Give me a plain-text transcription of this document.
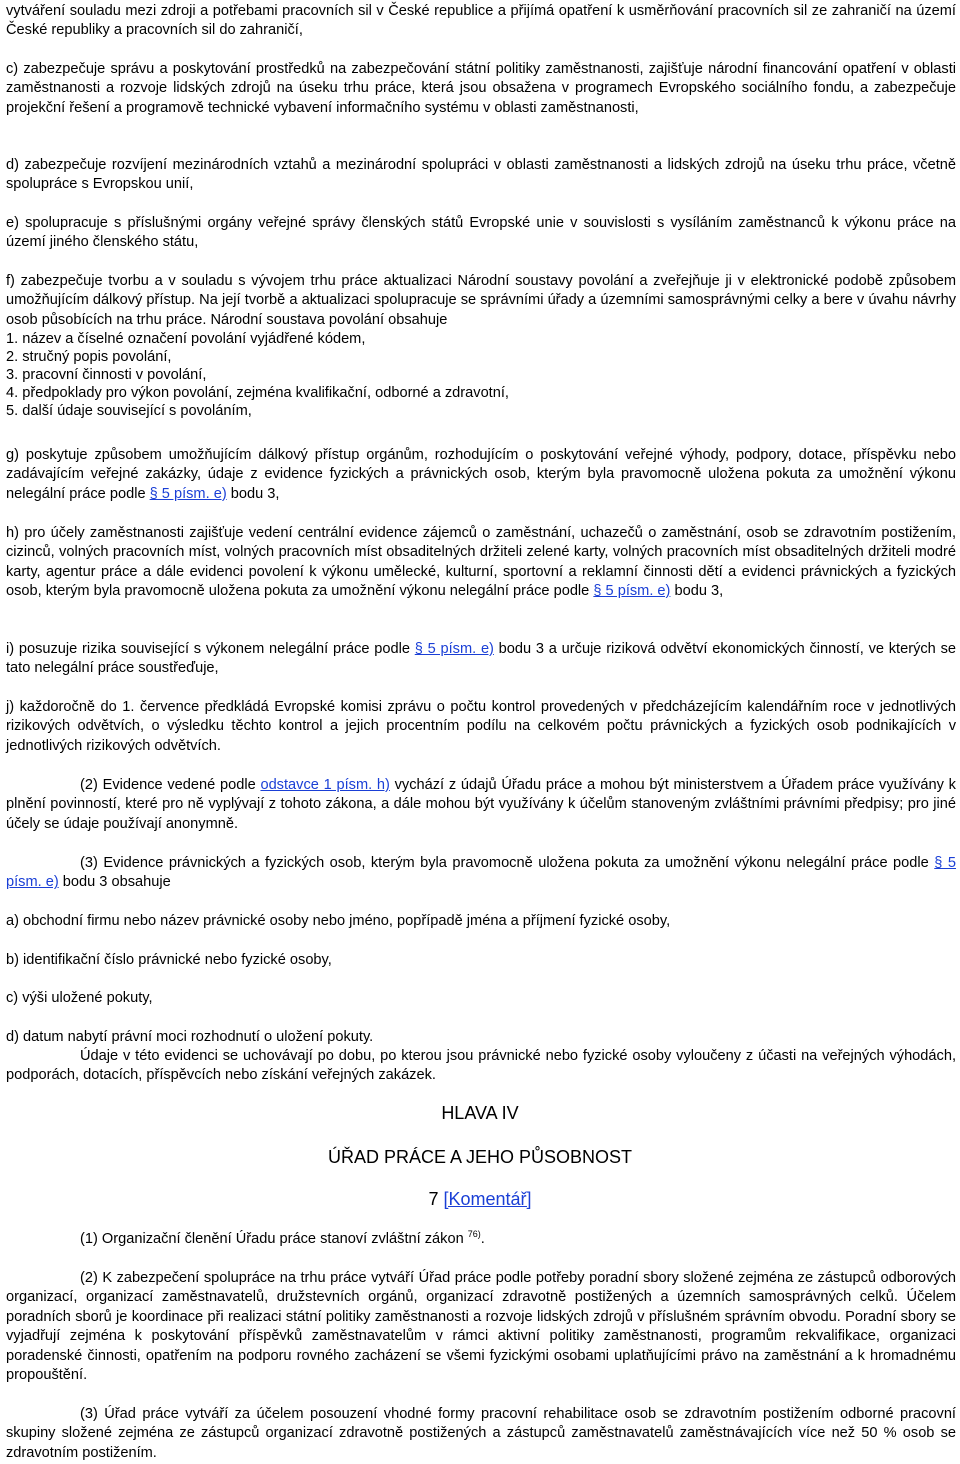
vytváření souladu mezi zdroji a potřebami pracovních sil v České republice a přijímá opatření k usměrňování pracovních sil ze zahraničí na území České republiky a pracovních sil do zahraničí,

c) zabezpečuje správu a poskytování prostředků na zabezpečování státní politiky zaměstnanosti, zajišťuje národní financování opatření v oblasti zaměstnanosti a rozvoje lidských zdrojů na úseku trhu práce, která jsou obsažena v programech Evropského sociálního fondu, a zabezpečuje projekční řešení a programově technické vybavení informačního systému v oblasti zaměstnanosti,

d) zabezpečuje rozvíjení mezinárodních vztahů a mezinárodní spolupráci v oblasti zaměstnanosti a lidských zdrojů na úseku trhu práce, včetně spolupráce s Evropskou unií,

e) spolupracuje s příslušnými orgány veřejné správy členských států Evropské unie v souvislosti s vysíláním zaměstnanců k výkonu práce na území jiného členského státu,

f) zabezpečuje tvorbu a v souladu s vývojem trhu práce aktualizaci Národní soustavy povolání a zveřejňuje ji v elektronické podobě způsobem umožňujícím dálkový přístup. Na její tvorbě a aktualizaci spolupracuje se správními úřady a územními samosprávnými celky a bere v úvahu návrhy osob působících na trhu práce. Národní soustava povolání obsahuje

1. název a číselné označení povolání vyjádřené kódem,
2. stručný popis povolání,
3. pracovní činnosti v povolání,
4. předpoklady pro výkon povolání, zejména kvalifikační, odborné a zdravotní,
5. další údaje související s povoláním,

g) poskytuje způsobem umožňujícím dálkový přístup orgánům, rozhodujícím o poskytování veřejné výhody, podpory, dotace, příspěvku nebo zadávajícím veřejné zakázky, údaje z evidence fyzických a právnických osob, kterým byla pravomocně uložena pokuta za umožnění výkonu nelegální práce podle § 5 písm. e) bodu 3,

h) pro účely zaměstnanosti zajišťuje vedení centrální evidence zájemců o zaměstnání, uchazečů o zaměstnání, osob se zdravotním postižením, cizinců, volných pracovních míst, volných pracovních míst obsaditelných držiteli zelené karty, volných pracovních míst obsaditelných držiteli modré karty, agentur práce a dále evidenci povolení k výkonu umělecké, kulturní, sportovní a reklamní činnosti dětí a evidenci právnických a fyzických osob, kterým byla pravomocně uložena pokuta za umožnění výkonu nelegální práce podle § 5 písm. e) bodu 3,

i) posuzuje rizika související s výkonem nelegální práce podle § 5 písm. e) bodu 3 a určuje riziková odvětví ekonomických činností, ve kterých se tato nelegální práce soustřeďuje,

j) každoročně do 1. července předkládá Evropské komisi zprávu o počtu kontrol provedených v předcházejícím kalendářním roce v jednotlivých rizikových odvětvích, o výsledku těchto kontrol a jejich procentním podílu na celkovém počtu právnických a fyzických osob podnikajících v jednotlivých rizikových odvětvích.

(2) Evidence vedené podle odstavce 1 písm. h) vychází z údajů Úřadu práce a mohou být ministerstvem a Úřadem práce využívány k plnění povinností, které pro ně vyplývají z tohoto zákona, a dále mohou být využívány k účelům stanoveným zvláštními právními předpisy; pro jiné účely se údaje používají anonymně.

(3) Evidence právnických a fyzických osob, kterým byla pravomocně uložena pokuta za umožnění výkonu nelegální práce podle § 5 písm. e) bodu 3 obsahuje

a) obchodní firmu nebo název právnické osoby nebo jméno, popřípadě jména a příjmení fyzické osoby,

b) identifikační číslo právnické nebo fyzické osoby,

c) výši uložené pokuty,

d) datum nabytí právní moci rozhodnutí o uložení pokuty.

Údaje v této evidenci se uchovávají po dobu, po kterou jsou právnické nebo fyzické osoby vyloučeny z účasti na veřejných výhodách, podporách, dotacích, příspěvcích nebo získání veřejných zakázek.

HLAVA IV

ÚŘAD PRÁCE A JEHO PŮSOBNOST

7 [Komentář]

(1) Organizační členění Úřadu práce stanoví zvláštní zákon $^{76)}$.

(2) K zabezpečení spolupráce na trhu práce vytváří Úřad práce podle potřeby poradní sbory složené zejména ze zástupců odborových organizací, organizací zaměstnavatelů, družstevních orgánů, organizací zdravotně postižených a územních samosprávných celků. Účelem poradních sborů je koordinace při realizaci státní politiky zaměstnanosti a rozvoje lidských zdrojů v příslušném správním obvodu. Poradní sbory se vyjadřují zejména k poskytování příspěvků zaměstnavatelům v rámci aktivní politiky zaměstnanosti, programům rekvalifikace, organizaci poradenské činnosti, opatřením na podporu rovného zacházení se všemi fyzickými osobami uplatňujícími právo na zaměstnání a k hromadnému propouštění.

(3) Úřad práce vytváří za účelem posouzení vhodné formy pracovní rehabilitace osob se zdravotním postižením odborné pracovní skupiny složené zejména ze zástupců organizací zdravotně postižených a zástupců zaměstnavatelů zaměstnávajících více než 50 % osob se zdravotním postižením.
